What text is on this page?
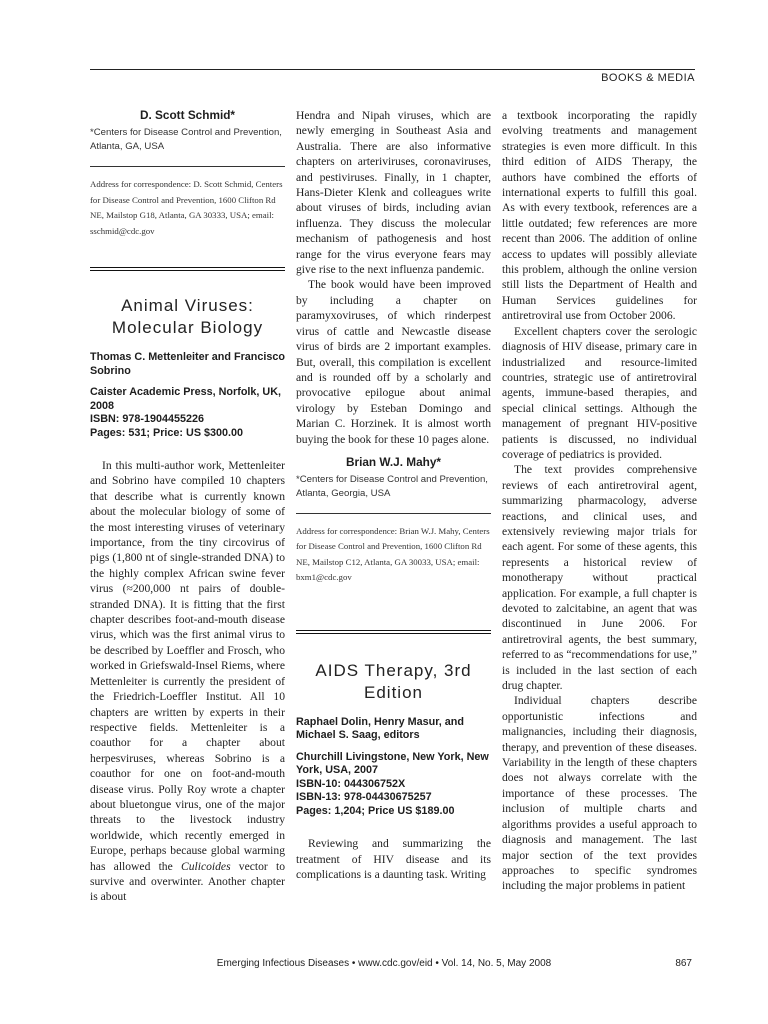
BOOKS & MEDIA

D. Scott Schmid*

*Centers for Disease Control and Prevention, Atlanta, GA, USA

Address for correspondence: D. Scott Schmid, Centers for Disease Control and Prevention, 1600 Clifton Rd NE, Mailstop G18, Atlanta, GA 30333, USA; email: sschmid@cdc.gov

Animal Viruses: Molecular Biology

Thomas C. Mettenleiter and Francisco Sobrino

Caister Academic Press, Norfolk, UK, 2008
ISBN: 978-1904455226
Pages: 531; Price: US $300.00

In this multi-author work, Mettenleiter and Sobrino have compiled 10 chapters that describe what is currently known about the molecular biology of some of the most interesting viruses of veterinary importance, from the tiny circovirus of pigs (1,800 nt of single-stranded DNA) to the highly complex African swine fever virus (≈200,000 nt pairs of double-stranded DNA). It is fitting that the first chapter describes foot-and-mouth disease virus, which was the first animal virus to be described by Loeffler and Frosch, who worked in Griefswald-Insel Riems, where Mettenleiter is currently the president of the Friedrich-Loeffler Institut. All 10 chapters are written by experts in their respective fields. Mettenleiter is a coauthor for a chapter about herpesviruses, whereas Sobrino is a coauthor for one on foot-and-mouth disease virus. Polly Roy wrote a chapter about bluetongue virus, one of the major threats to the livestock industry worldwide, which recently emerged in Europe, perhaps because global warming has allowed the Culicoides vector to survive and overwinter. Another chapter is about

Hendra and Nipah viruses, which are newly emerging in Southeast Asia and Australia. There are also informative chapters on arteriviruses, coronaviruses, and pestiviruses. Finally, in 1 chapter, Hans-Dieter Klenk and colleagues write about viruses of birds, including avian influenza. They discuss the molecular mechanism of pathogenesis and host range for the virus everyone fears may give rise to the next influenza pandemic.

The book would have been improved by including a chapter on paramyxoviruses, of which rinderpest virus of cattle and Newcastle disease virus of birds are 2 important examples. But, overall, this compilation is excellent and is rounded off by a scholarly and provocative epilogue about animal virology by Esteban Domingo and Marian C. Horzinek. It is almost worth buying the book for these 10 pages alone.

Brian W.J. Mahy*

*Centers for Disease Control and Prevention, Atlanta, Georgia, USA

Address for correspondence: Brian W.J. Mahy, Centers for Disease Control and Prevention, 1600 Clifton Rd NE, Mailstop C12, Atlanta, GA 30033, USA; email: bxm1@cdc.gov

AIDS Therapy, 3rd Edition

Raphael Dolin, Henry Masur, and Michael S. Saag, editors

Churchill Livingstone, New York, New York, USA, 2007
ISBN-10: 044306752X
ISBN-13: 978-04430675257
Pages: 1,204; Price US $189.00

Reviewing and summarizing the treatment of HIV disease and its complications is a daunting task. Writing

a textbook incorporating the rapidly evolving treatments and management strategies is even more difficult. In this third edition of AIDS Therapy, the authors have combined the efforts of international experts to fulfill this goal. As with every textbook, references are a little outdated; few references are more recent than 2006. The addition of online access to updates will possibly alleviate this problem, although the online version still lists the Department of Health and Human Services guidelines for antiretroviral use from October 2006.

Excellent chapters cover the serologic diagnosis of HIV disease, primary care in industrialized and resource-limited countries, strategic use of antiretroviral agents, immune-based therapies, and special clinical settings. Although the management of pregnant HIV-positive patients is discussed, no individual coverage of pediatrics is provided.

The text provides comprehensive reviews of each antiretroviral agent, summarizing pharmacology, adverse reactions, and clinical uses, and extensively reviewing major trials for each agent. For some of these agents, this represents a historical review of monotherapy without practical application. For example, a full chapter is devoted to zalcitabine, an agent that was discontinued in June 2006. For antiretroviral agents, the best summary, referred to as “recommendations for use,” is included in the last section of each drug chapter.

Individual chapters describe opportunistic infections and malignancies, including their diagnosis, therapy, and prevention of these diseases. Variability in the length of these chapters does not always correlate with the importance of these processes. The inclusion of multiple charts and algorithms provides a useful approach to diagnosis and management. The last major section of the text provides approaches to specific syndromes including the major problems in patient

Emerging Infectious Diseases • www.cdc.gov/eid • Vol. 14, No. 5, May 2008	867
